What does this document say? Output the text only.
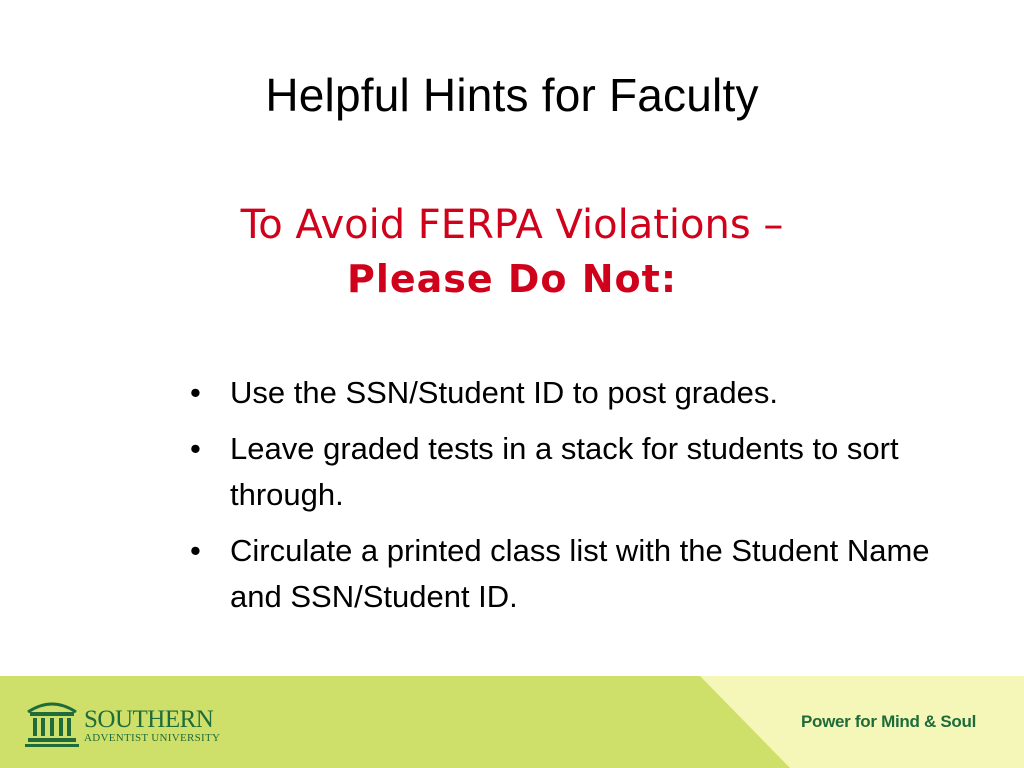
Helpful Hints for Faculty
To Avoid FERPA Violations –
Please Do Not:
• Use the SSN/Student ID to post grades.
• Leave graded tests in a stack for students to sort through.
• Circulate a printed class list with the Student Name and SSN/Student ID.
SOUTHERN
ADVENTIST UNIVERSITY
Power for Mind & Soul
